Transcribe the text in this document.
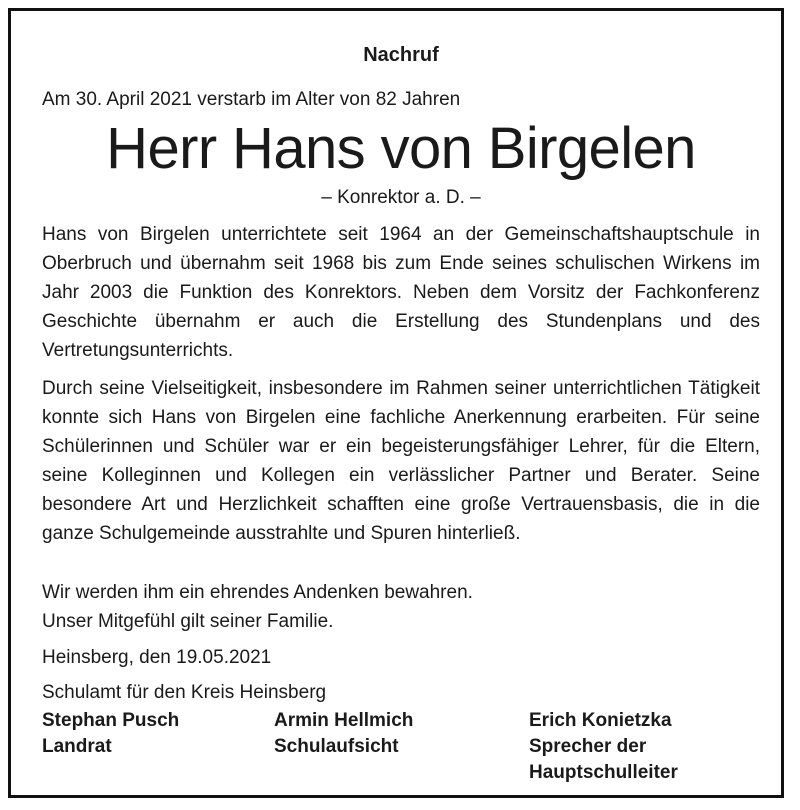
Nachruf
Am 30. April 2021 verstarb im Alter von 82 Jahren
Herr Hans von Birgelen
– Konrektor a. D. –

Hans von Birgelen unterrichtete seit 1964 an der Gemeinschaftshauptschule in Oberbruch und übernahm seit 1968 bis zum Ende seines schulischen Wirkens im Jahr 2003 die Funktion des Konrektors. Neben dem Vorsitz der Fachkonferenz Geschichte übernahm er auch die Erstellung des Stundenplans und des Vertretungsunterrichts.

Durch seine Vielseitigkeit, insbesondere im Rahmen seiner unterrichtlichen Tätigkeit konnte sich Hans von Birgelen eine fachliche Anerkennung erarbeiten. Für seine Schülerinnen und Schüler war er ein begeisterungsfähiger Lehrer, für die Eltern, seine Kolleginnen und Kollegen ein verlässlicher Partner und Berater. Seine besondere Art und Herzlichkeit schafften eine große Vertrauensbasis, die in die ganze Schulgemeinde ausstrahlte und Spuren hinterließ.

Wir werden ihm ein ehrendes Andenken bewahren.
Unser Mitgefühl gilt seiner Familie.
Heinsberg, den 19.05.2021
Schulamt für den Kreis Heinsberg
Stephan Pusch
Landrat
Armin Hellmich
Schulaufsicht
Erich Konietzka
Sprecher der
Hauptschulleiter
